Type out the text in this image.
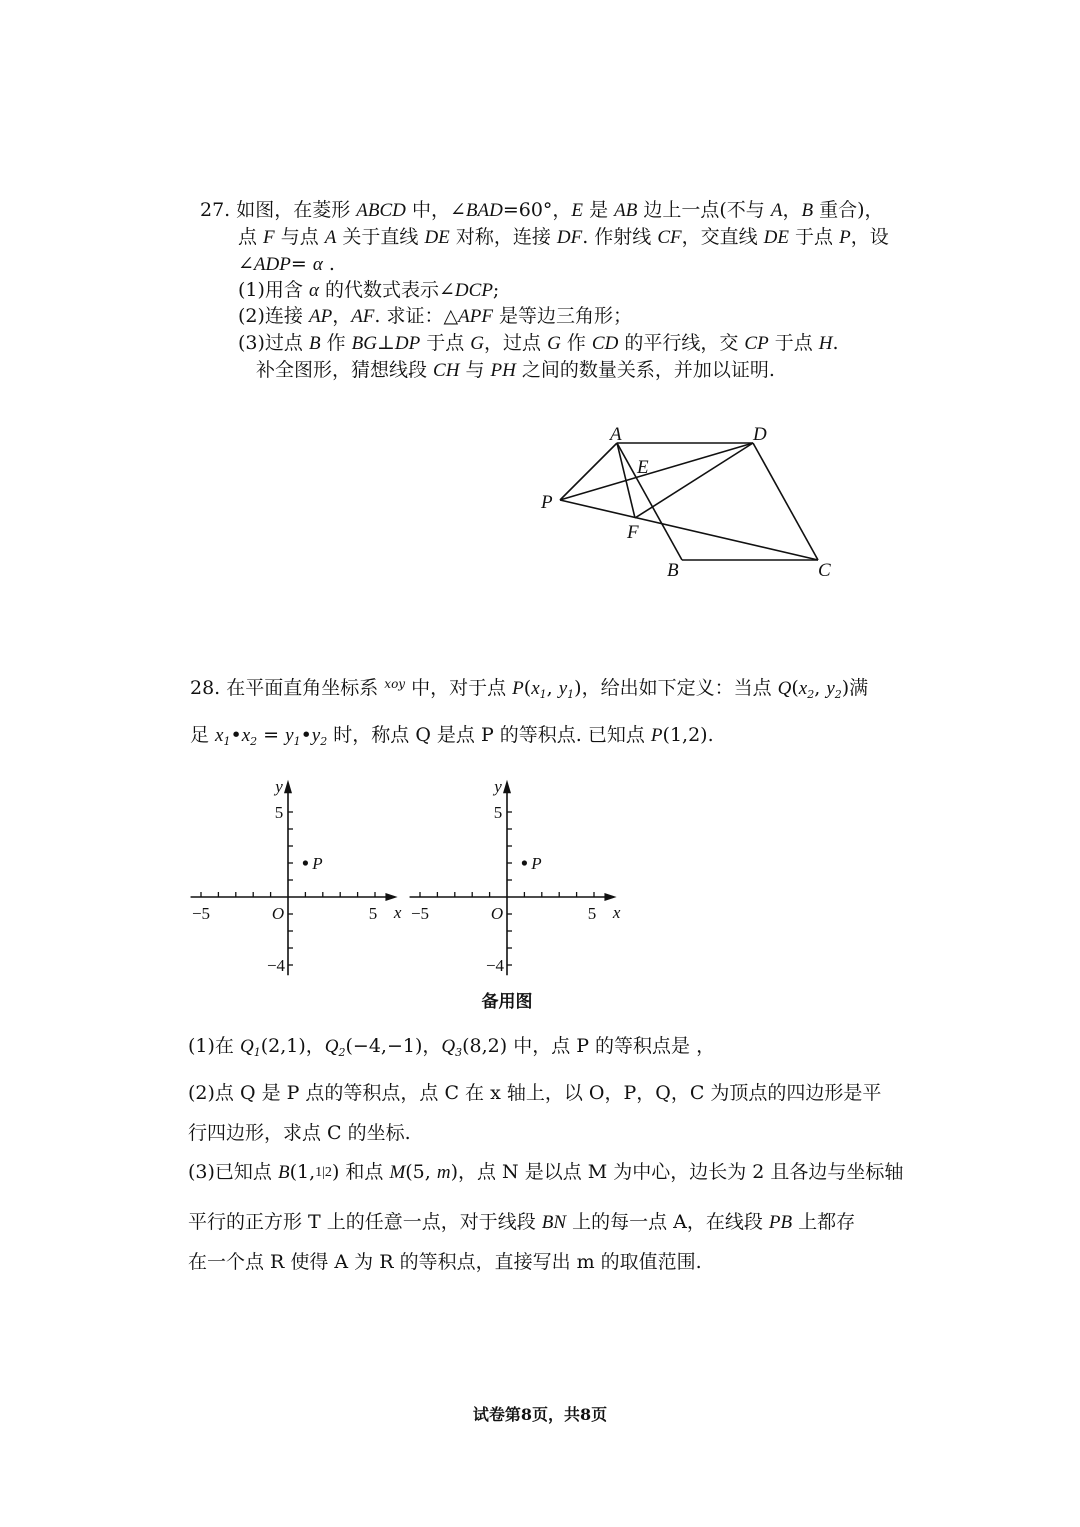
27. 如图，在菱形 ABCD 中，∠BAD=60°，E 是 AB 边上一点(不与 A，B 重合)，
点 F 与点 A 关于直线 DE 对称，连接 DF. 作射线 CF，交直线 DE 于点 P，设
∠ADP= α .
(1)用含 α 的代数式表示∠DCP;
(2)连接 AP，AF. 求证：△APF 是等边三角形；
(3)过点 B 作 BG⊥DP 于点 G，过点 G 作 CD 的平行线，交 CP 于点 H.
补全图形，猜想线段 CH 与 PH 之间的数量关系，并加以证明.
A	D
E
P
F
B	C
28. 在平面直角坐标系 $^{xoy}$ 中，对于点 $P(x_1$, $y_1$)，给出如下定义：当点 $Q(x_2$, $y_2$)满
足 $x_1•x_2$ = $y_1•y_2$ 时，称点 Q 是点 P 的等积点. 已知点 P(1,2).
(1)在 $Q_1(2,1)$，$Q_2(-4,-1)$，$Q_3(8,2)$ 中，点 P 的等积点是 ，
(2)点 Q 是 P 点的等积点，点 C 在 x 轴上，以 O，P，Q，C 为顶点的四边形是平
行四边形，求点 C 的坐标.
(3)已知点 B(1,1|2) 和点 M(5, m)，点 N 是以点 M 为中心，边长为 2 且各边与坐标轴
平行的正方形 T 上的任意一点，对于线段 BN 上的每一点 A，在线段 PB 上都存
在一个点 R 使得 A 为 R 的等积点，直接写出 m 的取值范围.
P
−5	5 x
O
5
−4
y
P
−5	5 x
O
5
−4
y
备用图
试卷第8页，共8页
